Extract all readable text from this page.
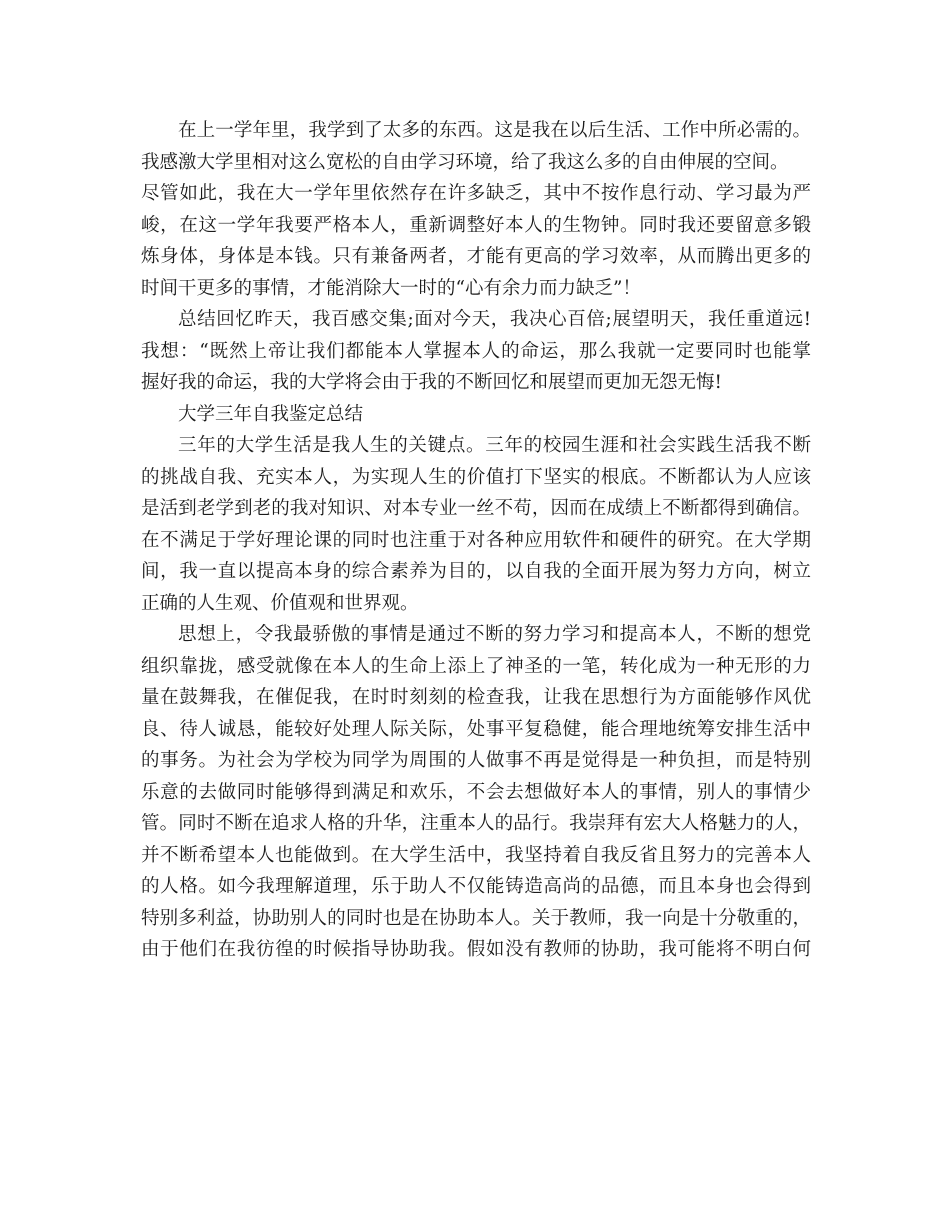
在上一学年里，我学到了太多的东西。这是我在以后生活、工作中所必需的。
我感激大学里相对这么宽松的自由学习环境，给了我这么多的自由伸展的空间。
尽管如此，我在大一学年里依然存在许多缺乏，其中不按作息行动、学习最为严
峻，在这一学年我要严格本人，重新调整好本人的生物钟。同时我还要留意多锻
炼身体，身体是本钱。只有兼备两者，才能有更高的学习效率，从而腾出更多的
时间干更多的事情，才能消除大一时的“心有余力而力缺乏”！
总结回忆昨天，我百感交集;面对今天，我决心百倍;展望明天，我任重道远!
我想：“既然上帝让我们都能本人掌握本人的命运，那么我就一定要同时也能掌
握好我的命运，我的大学将会由于我的不断回忆和展望而更加无怨无悔!
大学三年自我鉴定总结
三年的大学生活是我人生的关键点。三年的校园生涯和社会实践生活我不断
的挑战自我、充实本人，为实现人生的价值打下坚实的根底。不断都认为人应该
是活到老学到老的我对知识、对本专业一丝不苟，因而在成绩上不断都得到确信。
在不满足于学好理论课的同时也注重于对各种应用软件和硬件的研究。在大学期
间，我一直以提高本身的综合素养为目的，以自我的全面开展为努力方向，树立
正确的人生观、价值观和世界观。
思想上，令我最骄傲的事情是通过不断的努力学习和提高本人，不断的想党
组织靠拢，感受就像在本人的生命上添上了神圣的一笔，转化成为一种无形的力
量在鼓舞我，在催促我，在时时刻刻的检查我，让我在思想行为方面能够作风优
良、待人诚恳，能较好处理人际关际，处事平复稳健，能合理地统筹安排生活中
的事务。为社会为学校为同学为周围的人做事不再是觉得是一种负担，而是特别
乐意的去做同时能够得到满足和欢乐，不会去想做好本人的事情，别人的事情少
管。同时不断在追求人格的升华，注重本人的品行。我崇拜有宏大人格魅力的人，
并不断希望本人也能做到。在大学生活中，我坚持着自我反省且努力的完善本人
的人格。如今我理解道理，乐于助人不仅能铸造高尚的品德，而且本身也会得到
特别多利益，协助别人的同时也是在协助本人。关于教师，我一向是十分敬重的，
由于他们在我彷徨的时候指导协助我。假如没有教师的协助，我可能将不明白何
